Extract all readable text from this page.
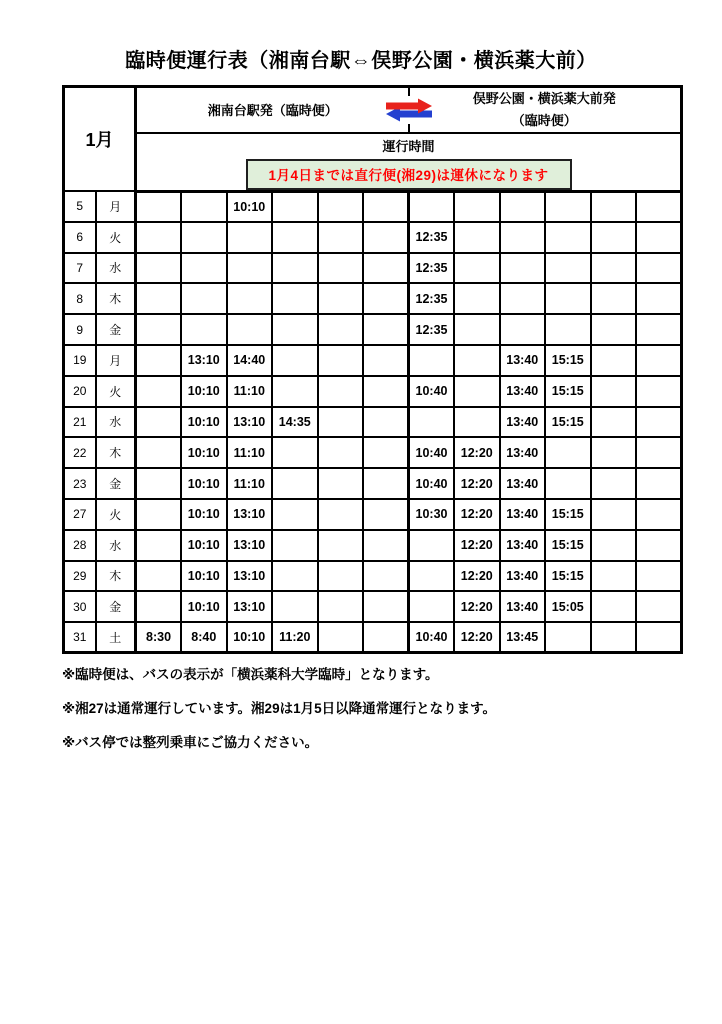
臨時便運行表（湘南台駅⇔俣野公園・横浜薬大前）
1月		湘南台駅発（臨時便）
俣野公園・横浜薬大前発
（臨時便）											

		運行時間
1月4日までは直行便(湘29)は運休になります											

5	月			10:10									
6	火							12:35					
7	水							12:35					
8	木							12:35					
9	金							12:35					
19	月		13:10	14:40						13:40	15:15		
20	火		10:10	11:10				10:40		13:40	15:15		
21	水		10:10	13:10	14:35					13:40	15:15		
22	木		10:10	11:10				10:40	12:20	13:40			
23	金		10:10	11:10				10:40	12:20	13:40			
27	火		10:10	13:10				10:30	12:20	13:40	15:15		
28	水		10:10	13:10					12:20	13:40	15:15		
29	木		10:10	13:10					12:20	13:40	15:15		
30	金		10:10	13:10					12:20	13:40	15:05		
31	土	8:30	8:40	10:10	11:20			10:40	12:20	13:45			

※臨時便は、バスの表示が「横浜薬科大学臨時」となります。

※湘27は通常運行しています。湘29は1月5日以降通常運行となります。

※バス停では整列乗車にご協力ください。
